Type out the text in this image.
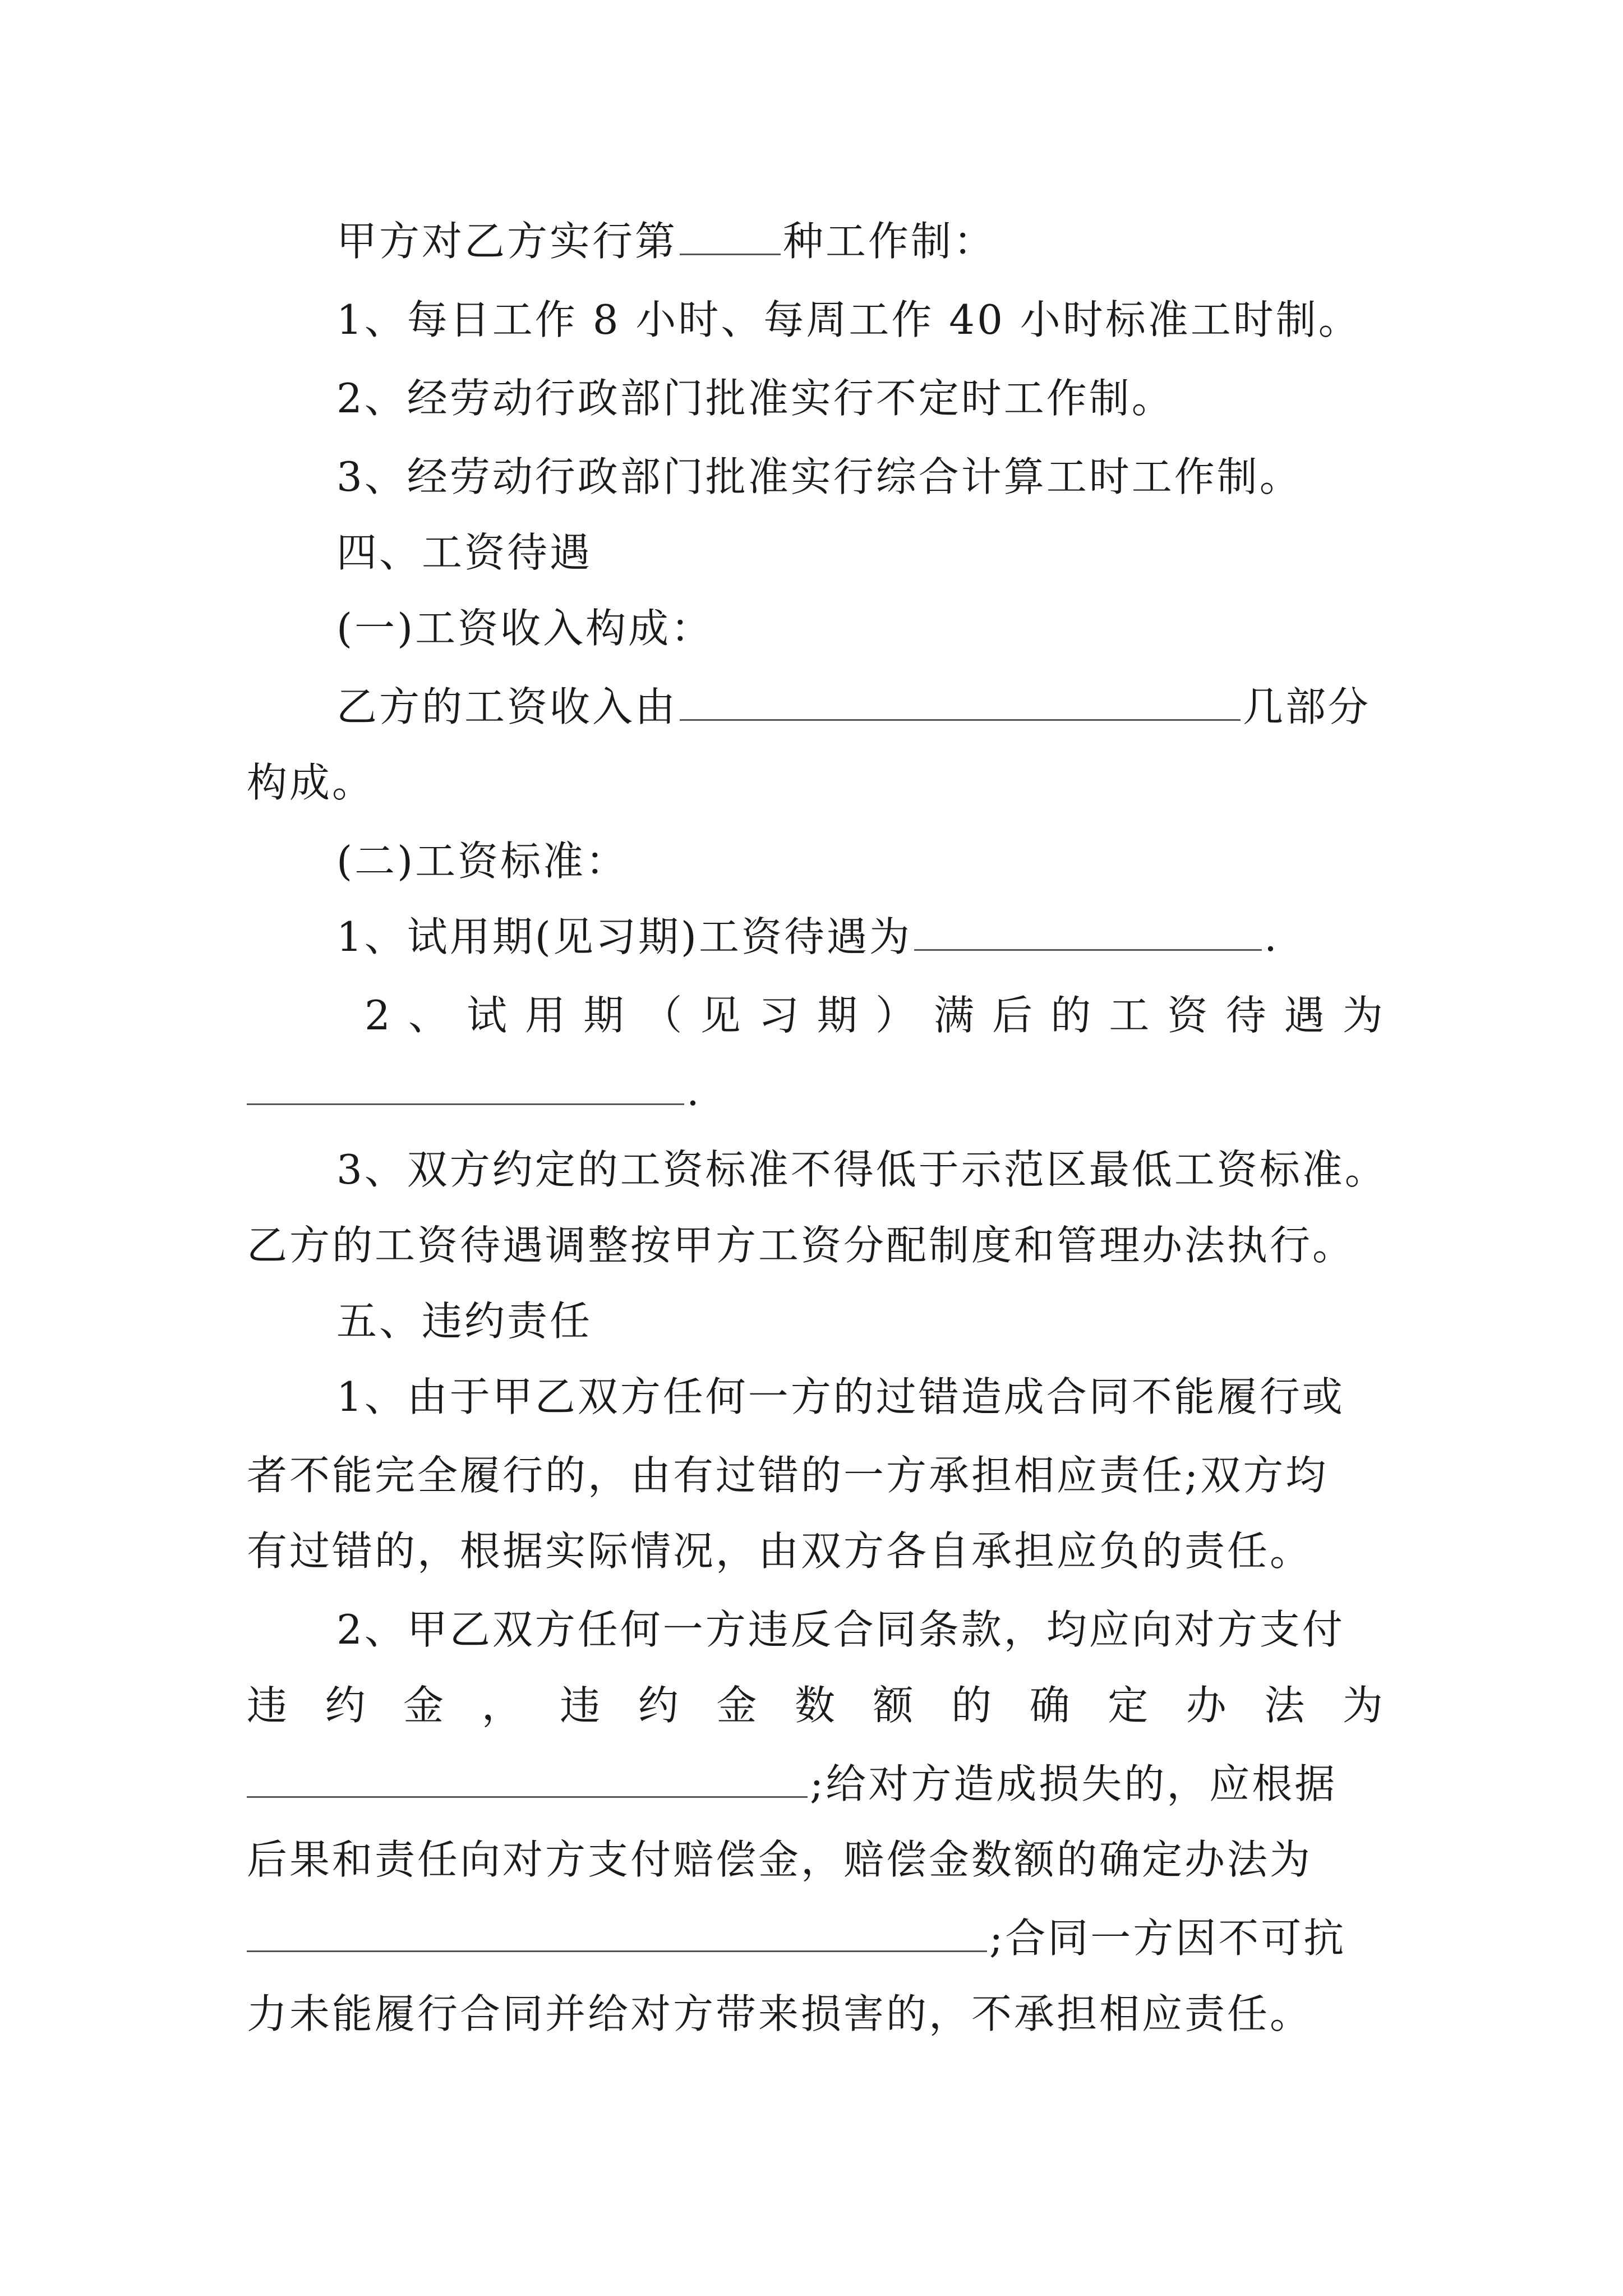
甲方对乙方实行第	种工作制：
1、每日工作 8 小时、每周工作 40 小时标准工时制。
2、经劳动行政部门批准实行不定时工作制。
3、经劳动行政部门批准实行综合计算工时工作制。
四、工资待遇
(一)工资收入构成：
乙方的工资收入由	几部分
构成。
(二)工资标准：
1、试用期(见习期)工资待遇为	.
2 、 试 用 期 （ 见 习 期 ） 满 后 的 工 资 待 遇 为
.
3、双方约定的工资标准不得低于示范区最低工资标准。
乙方的工资待遇调整按甲方工资分配制度和管理办法执行。
五、违约责任
1、由于甲乙双方任何一方的过错造成合同不能履行或
者不能完全履行的，由有过错的一方承担相应责任;双方均
有过错的，根据实际情况，由双方各自承担应负的责任。
2、甲乙双方任何一方违反合同条款，均应向对方支付
违 约 金 ， 违 约 金 数 额 的 确 定 办 法 为
;给对方造成损失的，应根据
后果和责任向对方支付赔偿金，赔偿金数额的确定办法为
;合同一方因不可抗
力未能履行合同并给对方带来损害的，不承担相应责任。
